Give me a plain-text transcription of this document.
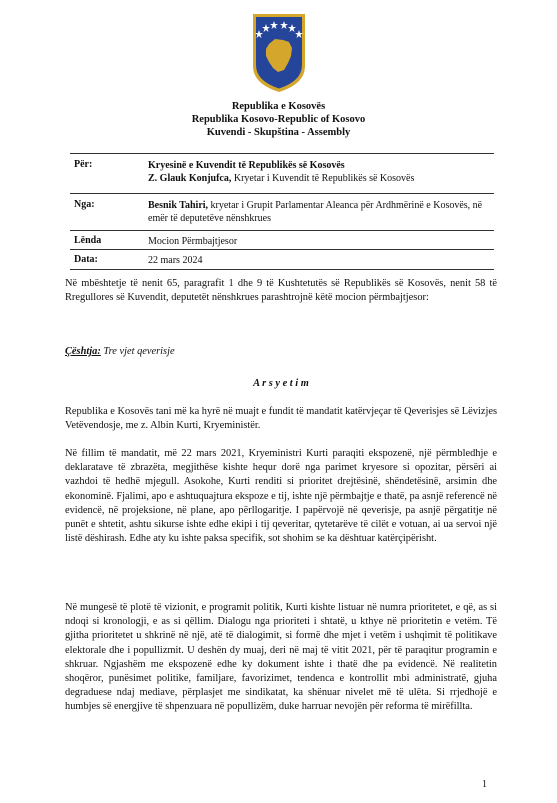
Republika e Kosovës
Republika Kosovo-Republic of Kosovo
Kuvendi - Skupština - Assembly
Për:	Kryesinë e Kuvendit të Republikës së Kosovës
Z. Glauk Konjufca, Kryetar i Kuvendit të Republikës së Kosovës
Nga:	Besnik Tahiri, kryetar i Grupit Parlamentar Aleanca për Ardhmërinë e Kosovës, në emër të deputetëve nënshkrues
Lënda	Mocion Përmbajtjesor
Data:	22 mars 2024

Në mbështetje të nenit 65, paragrafit 1 dhe 9 të Kushtetutës së Republikës së Kosovës, nenit 58 të Rregullores së Kuvendit, deputetët nënshkrues parashtrojnë këtë mocion përmbajtjesor:

Çështja: Tre vjet qeverisje
A r s y e t i m

Republika e Kosovës tani më ka hyrë në muajt e fundit të mandatit katërvjeçar të Qeverisjes së Lëvizjes Vetëvendosje, me z. Albin Kurti, Kryeministër.

Në fillim të mandatit, më 22 mars 2021, Kryeministri Kurti paraqiti ekspozenë, një përmbledhje e deklaratave të zbrazëta, megjithëse kishte hequr dorë nga parimet kryesore si opozitar, përsëri ai vazhdoi të hedhë mjegull. Asokohe, Kurti renditi si prioritet drejtësinë, shëndetësinë, arsimin dhe ekonominë. Fjalimi, apo e ashtuquajtura ekspoze e tij, ishte një përmbajtje e thatë, pa asnjë referencë në evidencë, në projeksione, në plane, apo përllogaritje. I papërvojë në qeverisje, pa asnjë përgatitje në punët e shtetit, ashtu sikurse ishte edhe ekipi i tij qeveritar, qytetarëve të cilët e votuan, ai ua servoi një listë dëshirash. Edhe aty ku ishte paksa specifik, sot shohim se ka dështuar katërçipërisht.

Në mungesë të plotë të vizionit, e programit politik, Kurti kishte listuar në numra prioritetet, e që, as si ndoqi si kronologji, e as si qëllim. Dialogu nga prioriteti i shtatë, u kthye në prioritetin e vetëm. Të gjitha prioritetet u shkrinë në një, atë të dialogimit, si formë dhe mjet i vetëm i ushqimit të politikave elektorale dhe i popullizmit. U deshën dy muaj, deri në maj të vitit 2021, për të paraqitur programin e shkruar. Ngjashëm me ekspozenë edhe ky dokument ishte i thatë dhe pa evidencë. Në realitetin shoqëror, punësimet politike, familjare, favorizimet, tendenca e kontrollit mbi administratë, gjuha degraduese ndaj mediave, përplasjet me sindikatat, ka shënuar nivelet më të ulëta. Si rrjedhojë e humbjes së energjive të shpenzuara në popullizëm, duke harruar nevojën për reforma të mirëfillta.

1
